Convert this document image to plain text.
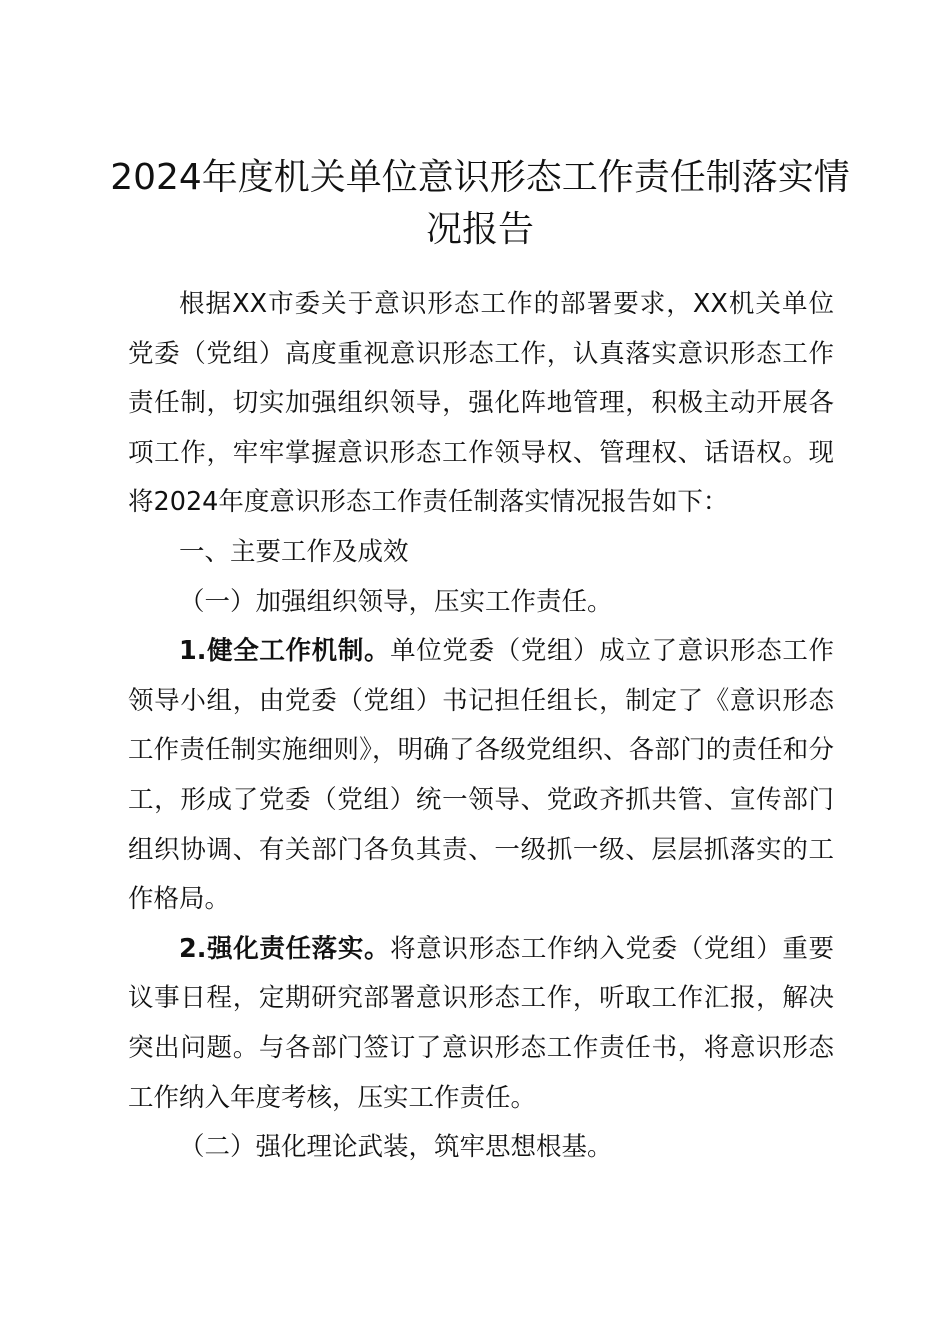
2024年度机关单位意识形态工作责任制落实情况报告

根据XX市委关于意识形态工作的部署要求，XX机关单位党委（党组）高度重视意识形态工作，认真落实意识形态工作责任制，切实加强组织领导，强化阵地管理，积极主动开展各项工作，牢牢掌握意识形态工作领导权、管理权、话语权。现将2024年度意识形态工作责任制落实情况报告如下：

一、主要工作及成效

（一）加强组织领导，压实工作责任。

1.健全工作机制。单位党委（党组）成立了意识形态工作领导小组，由党委（党组）书记担任组长，制定了《意识形态工作责任制实施细则》，明确了各级党组织、各部门的责任和分工，形成了党委（党组）统一领导、党政齐抓共管、宣传部门组织协调、有关部门各负其责、一级抓一级、层层抓落实的工作格局。

2.强化责任落实。将意识形态工作纳入党委（党组）重要议事日程，定期研究部署意识形态工作，听取工作汇报，解决突出问题。与各部门签订了意识形态工作责任书，将意识形态工作纳入年度考核，压实工作责任。

（二）强化理论武装，筑牢思想根基。
